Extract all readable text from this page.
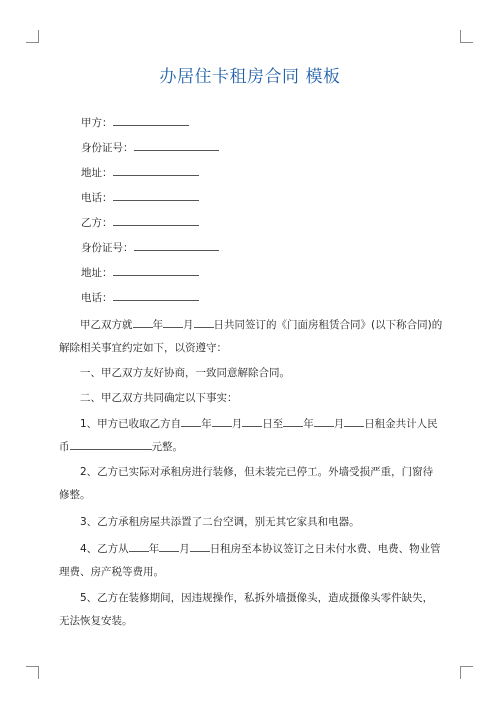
办居住卡租房合同 模板
甲方：
身份证号：
地址：
电话：
乙方：
身份证号：
地址：
电话：
甲乙双方就 年 月 日共同签订的《门面房租赁合同》(以下称合同)的解除相关事宜约定如下，以资遵守：
一、甲乙双方友好协商，一致同意解除合同。
二、甲乙双方共同确定以下事实：
1、甲方已收取乙方自 年 月 日至 年 月 日租金共计人民币	元整。
2、乙方已实际对承租房进行装修，但未装完已停工。外墙受损严重，门窗待修整。
3、乙方承租房屋共添置了二台空调，别无其它家具和电器。
4、乙方从 年 月 日租房至本协议签订之日未付水费、电费、物业管理费、房产税等费用。
5、乙方在装修期间，因违规操作，私拆外墙摄像头，造成摄像头零件缺失，无法恢复安装。
